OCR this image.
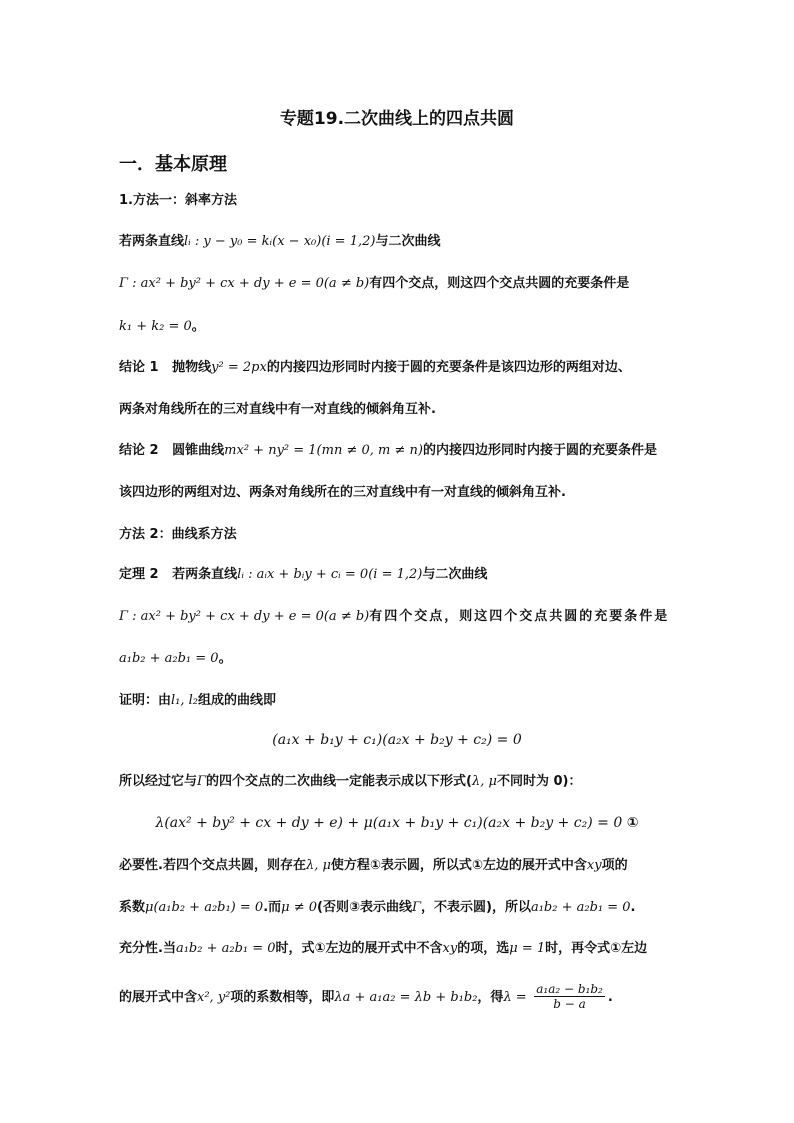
专题19.二次曲线上的四点共圆
一．基本原理
1.方法一：斜率方法
若两条直线lᵢ : y − y₀ = kᵢ(x − x₀)(i = 1,2)与二次曲线
Γ : ax² + by² + cx + dy + e = 0(a ≠ b)有四个交点，则这四个交点共圆的充要条件是
k₁ + k₂ = 0。
结论 1 抛物线y² = 2px的内接四边形同时内接于圆的充要条件是该四边形的两组对边、
两条对角线所在的三对直线中有一对直线的倾斜角互补.
结论 2 圆锥曲线mx² + ny² = 1(mn ≠ 0, m ≠ n)的内接四边形同时内接于圆的充要条件是
该四边形的两组对边、两条对角线所在的三对直线中有一对直线的倾斜角互补.
方法 2：曲线系方法
定理 2 若两条直线lᵢ : aᵢx + bᵢy + cᵢ = 0(i = 1,2)与二次曲线
Γ : ax² + by² + cx + dy + e = 0(a ≠ b)有四个交点，则这四个交点共圆的充要条件是
a₁b₂ + a₂b₁ = 0。
证明：由l₁, l₂组成的曲线即
(a₁x + b₁y + c₁)(a₂x + b₂y + c₂) = 0
所以经过它与Γ的四个交点的二次曲线一定能表示成以下形式(λ, μ不同时为 0)：
λ(ax² + by² + cx + dy + e) + μ(a₁x + b₁y + c₁)(a₂x + b₂y + c₂) = 0 ①
必要性.若四个交点共圆，则存在λ, μ使方程①表示圆，所以式①左边的展开式中含xy项的
系数μ(a₁b₂ + a₂b₁) = 0.而μ ≠ 0(否则③表示曲线Γ，不表示圆)，所以a₁b₂ + a₂b₁ = 0.
充分性.当a₁b₂ + a₂b₁ = 0时，式①左边的展开式中不含xy的项，选μ = 1时，再令式①左边
的展开式中含x², y²项的系数相等，即λa + a₁a₂ = λb + b₁b₂，得$\lambda = \frac{\text{a₁a₂ − b₁b₂}}{b - a}$ .
